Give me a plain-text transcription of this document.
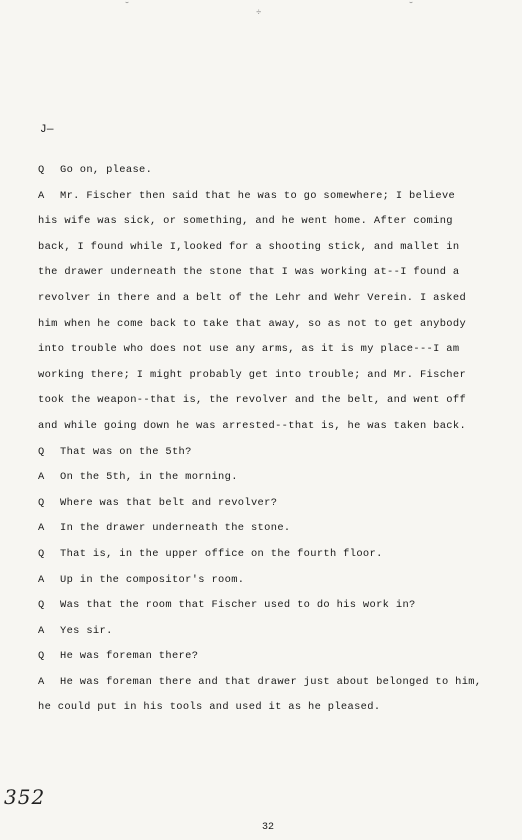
˘	÷	˘
J—
Q Go on, please.
A Mr. Fischer then said that he was to go somewhere; I believe
his wife was sick, or something, and he went home. After coming
back, I found while I,looked for a shooting stick, and mallet in
the drawer underneath the stone that I was working at--I found a
revolver in there and a belt of the Lehr and Wehr Verein. I asked
him when he come back to take that away, so as not to get anybody
into trouble who does not use any arms, as it is my place---I am
working there; I might probably get into trouble; and Mr. Fischer
took the weapon--that is, the revolver and the belt, and went off
and while going down he was arrested--that is, he was taken back.
Q That was on the 5th?
A On the 5th, in the morning.
Q Where was that belt and revolver?
A In the drawer underneath the stone.
Q That is, in the upper office on the fourth floor.
A Up in the compositor's room.
Q Was that the room that Fischer used to do his work in?
A Yes sir.
Q He was foreman there?
A He was foreman there and that drawer just about belonged to him,
he could put in his tools and used it as he pleased.
352
32
